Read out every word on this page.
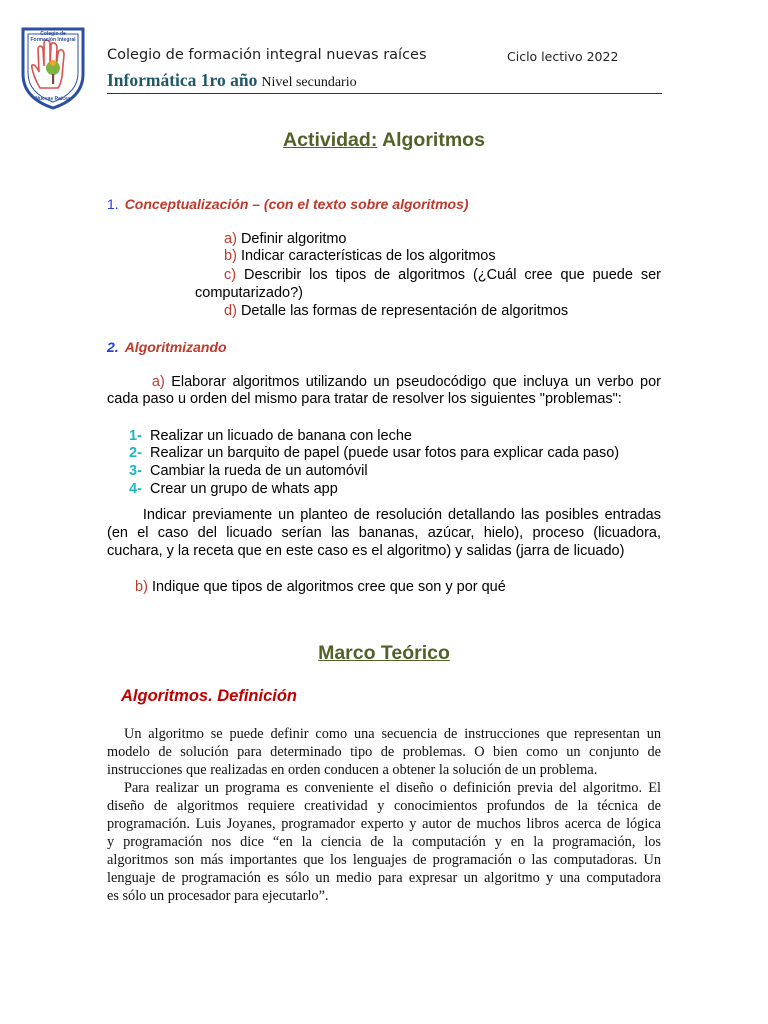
Colegio de Formación Integral
Nuevas Raíces
Colegio de formación integral nuevas raíces	Ciclo lectivo 2022
Informática 1ro año Nivel secundario
Actividad: Algoritmos
1. Conceptualización – (con el texto sobre algoritmos)
a) Definir algoritmo
b) Indicar características de los algoritmos
c) Describir los tipos de algoritmos (¿Cuál cree que puede ser
computarizado?)
d) Detalle las formas de representación de algoritmos
2. Algoritmizando
a) Elaborar algoritmos utilizando un pseudocódigo que incluya un verbo por
cada paso u orden del mismo para tratar de resolver los siguientes "problemas":
1- Realizar un licuado de banana con leche
2- Realizar un barquito de papel (puede usar fotos para explicar cada paso)
3- Cambiar la rueda de un automóvil
4- Crear un grupo de whats app
Indicar previamente un planteo de resolución detallando las posibles entradas
(en el caso del licuado serían las bananas, azúcar, hielo), proceso (licuadora,
cuchara, y la receta que en este caso es el algoritmo) y salidas (jarra de licuado)
b) Indique que tipos de algoritmos cree que son y por qué
Marco Teórico
Algoritmos. Definición
Un algoritmo se puede definir como una secuencia de instrucciones que representan un
modelo de solución para determinado tipo de problemas. O bien como un conjunto de
instrucciones que realizadas en orden conducen a obtener la solución de un problema.
Para realizar un programa es conveniente el diseño o definición previa del algoritmo. El
diseño de algoritmos requiere creatividad y conocimientos profundos de la técnica de
programación. Luis Joyanes, programador experto y autor de muchos libros acerca de lógica
y programación nos dice “en la ciencia de la computación y en la programación, los
algoritmos son más importantes que los lenguajes de programación o las computadoras. Un
lenguaje de programación es sólo un medio para expresar un algoritmo y una computadora
es sólo un procesador para ejecutarlo”.
